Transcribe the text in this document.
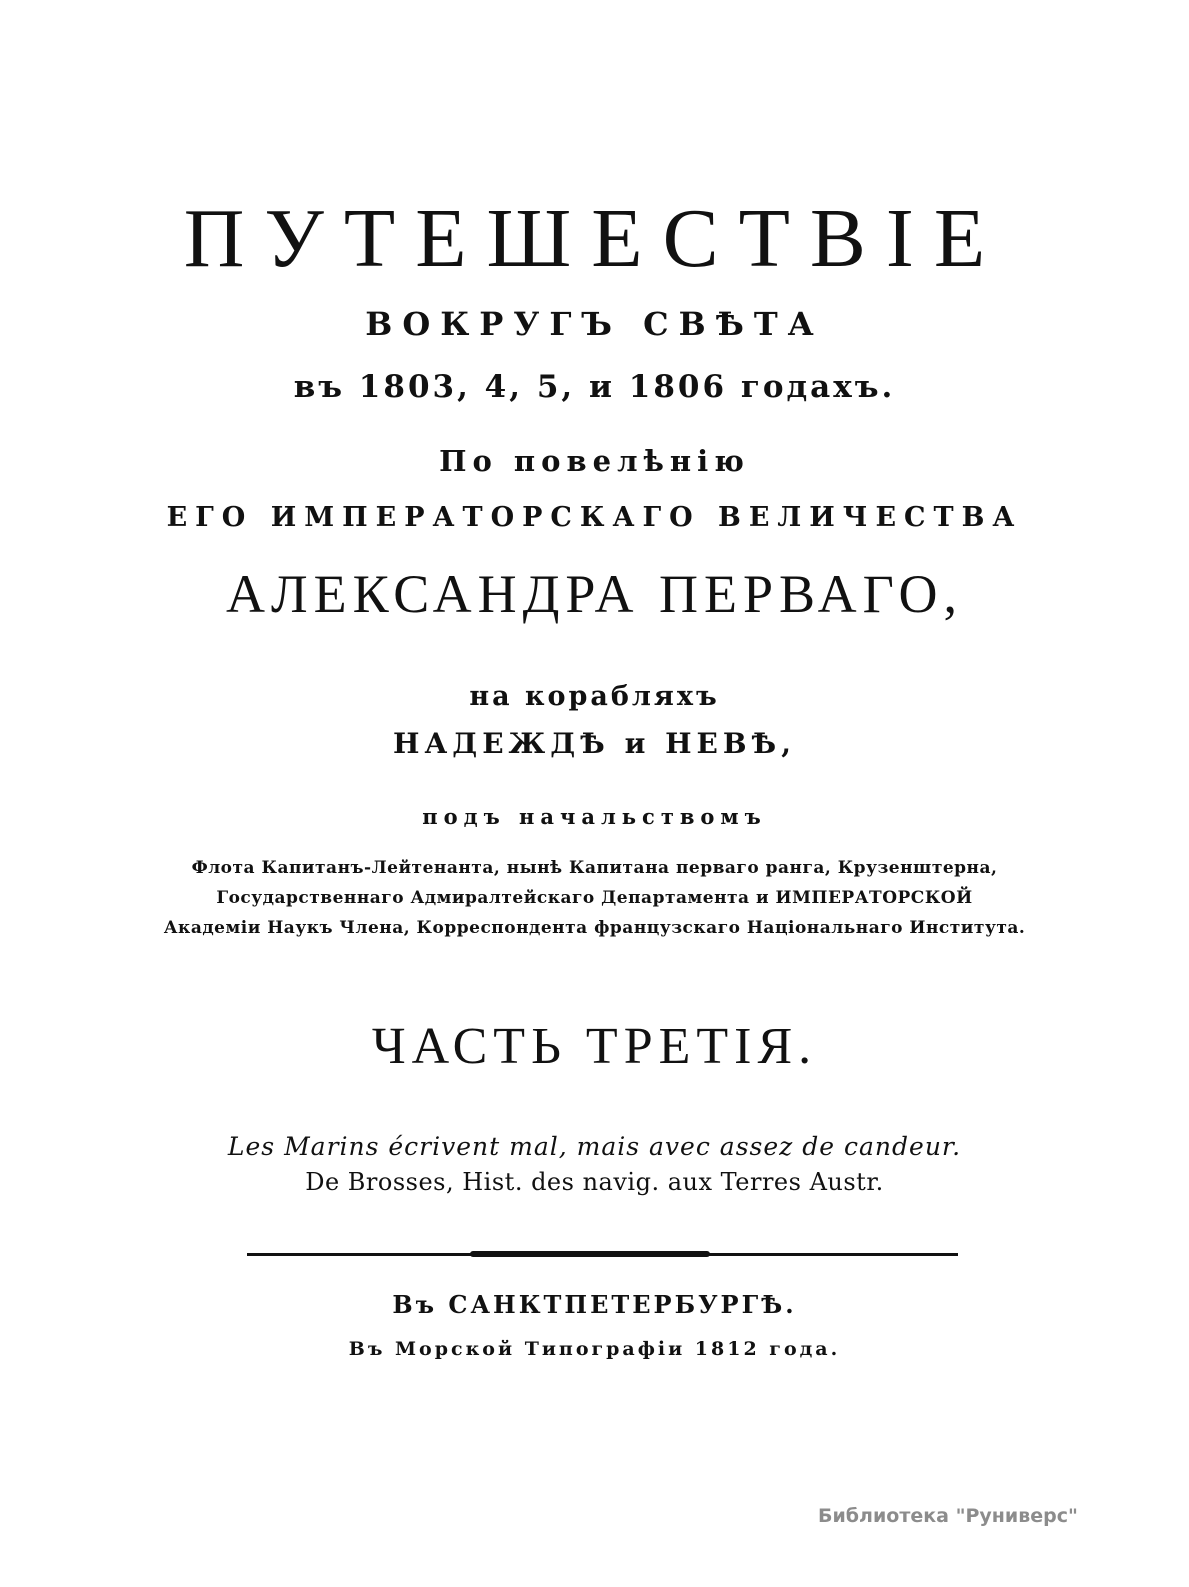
ПУТЕШЕСТВІЕ
ВОКРУГЪ СВѢТА
въ 1803, 4, 5, и 1806 годахъ.
По повелѣнію
ЕГО ИМПЕРАТОРСКАГО ВЕЛИЧЕСТВА
АЛЕКСАНДРА ПЕРВАГО,
на корабляхъ
НАДЕЖДѢ и НЕВѢ,
подъ начальствомъ
Флота Капитанъ-Лейтенанта, нынѣ Капитана перваго ранга, Крузенштерна,
Государственнаго Адмиралтейскаго Департамента и ИМПЕРАТОРСКОЙ
Академіи Наукъ Члена, Корреспондента французскаго Національнаго Института.
ЧАСТЬ ТРЕТІЯ.
Les Marins écrivent mal, mais avec assez de candeur.
De Brosses, Hist. des navig. aux Terres Austr.
Въ САНКТПЕТЕРБУРГѢ.
Въ Морской Типографіи 1812 года.
Библиотека "Руниверс"
